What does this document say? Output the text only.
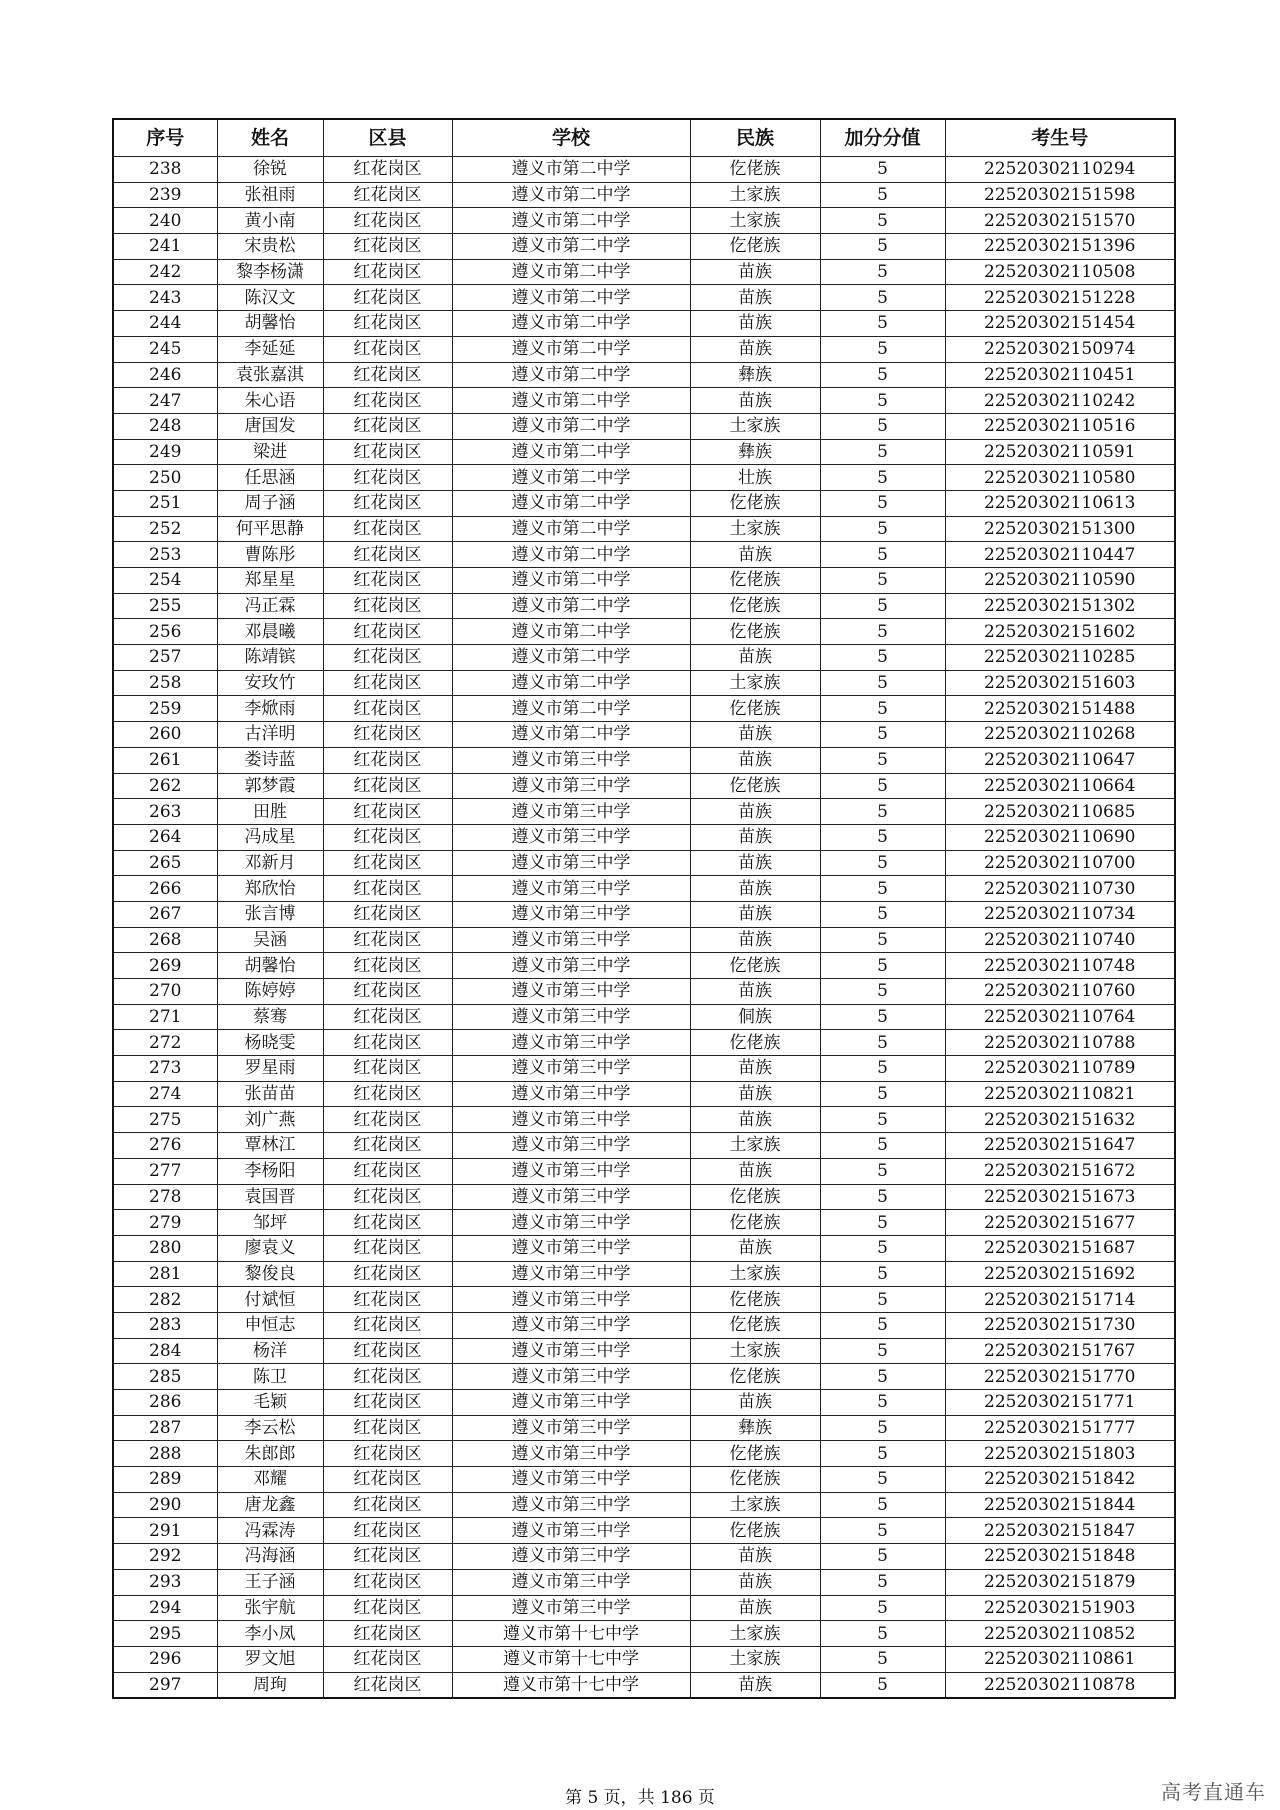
序号	姓名	区县	学校	民族	加分分值	考生号
238	徐锐	红花岗区	遵义市第二中学	仡佬族	5	22520302110294
239	张祖雨	红花岗区	遵义市第二中学	土家族	5	22520302151598
240	黄小南	红花岗区	遵义市第二中学	土家族	5	22520302151570
241	宋贵松	红花岗区	遵义市第二中学	仡佬族	5	22520302151396
242	黎李杨潇	红花岗区	遵义市第二中学	苗族	5	22520302110508
243	陈汉文	红花岗区	遵义市第二中学	苗族	5	22520302151228
244	胡馨怡	红花岗区	遵义市第二中学	苗族	5	22520302151454
245	李延延	红花岗区	遵义市第二中学	苗族	5	22520302150974
246	袁张嘉淇	红花岗区	遵义市第二中学	彝族	5	22520302110451
247	朱心语	红花岗区	遵义市第二中学	苗族	5	22520302110242
248	唐国发	红花岗区	遵义市第二中学	土家族	5	22520302110516
249	梁进	红花岗区	遵义市第二中学	彝族	5	22520302110591
250	任思涵	红花岗区	遵义市第二中学	壮族	5	22520302110580
251	周子涵	红花岗区	遵义市第二中学	仡佬族	5	22520302110613
252	何平思静	红花岗区	遵义市第二中学	土家族	5	22520302151300
253	曹陈彤	红花岗区	遵义市第二中学	苗族	5	22520302110447
254	郑星星	红花岗区	遵义市第二中学	仡佬族	5	22520302110590
255	冯正霖	红花岗区	遵义市第二中学	仡佬族	5	22520302151302
256	邓晨曦	红花岗区	遵义市第二中学	仡佬族	5	22520302151602
257	陈靖镔	红花岗区	遵义市第二中学	苗族	5	22520302110285
258	安玫竹	红花岗区	遵义市第二中学	土家族	5	22520302151603
259	李焮雨	红花岗区	遵义市第二中学	仡佬族	5	22520302151488
260	古洋明	红花岗区	遵义市第二中学	苗族	5	22520302110268
261	娄诗蓝	红花岗区	遵义市第三中学	苗族	5	22520302110647
262	郭梦霞	红花岗区	遵义市第三中学	仡佬族	5	22520302110664
263	田胜	红花岗区	遵义市第三中学	苗族	5	22520302110685
264	冯成星	红花岗区	遵义市第三中学	苗族	5	22520302110690
265	邓新月	红花岗区	遵义市第三中学	苗族	5	22520302110700
266	郑欣怡	红花岗区	遵义市第三中学	苗族	5	22520302110730
267	张言博	红花岗区	遵义市第三中学	苗族	5	22520302110734
268	吴涵	红花岗区	遵义市第三中学	苗族	5	22520302110740
269	胡馨怡	红花岗区	遵义市第三中学	仡佬族	5	22520302110748
270	陈婷婷	红花岗区	遵义市第三中学	苗族	5	22520302110760
271	蔡骞	红花岗区	遵义市第三中学	侗族	5	22520302110764
272	杨晓雯	红花岗区	遵义市第三中学	仡佬族	5	22520302110788
273	罗星雨	红花岗区	遵义市第三中学	苗族	5	22520302110789
274	张苗苗	红花岗区	遵义市第三中学	苗族	5	22520302110821
275	刘广燕	红花岗区	遵义市第三中学	苗族	5	22520302151632
276	覃林江	红花岗区	遵义市第三中学	土家族	5	22520302151647
277	李杨阳	红花岗区	遵义市第三中学	苗族	5	22520302151672
278	袁国晋	红花岗区	遵义市第三中学	仡佬族	5	22520302151673
279	邹坪	红花岗区	遵义市第三中学	仡佬族	5	22520302151677
280	廖袁义	红花岗区	遵义市第三中学	苗族	5	22520302151687
281	黎俊良	红花岗区	遵义市第三中学	土家族	5	22520302151692
282	付斌恒	红花岗区	遵义市第三中学	仡佬族	5	22520302151714
283	申恒志	红花岗区	遵义市第三中学	仡佬族	5	22520302151730
284	杨洋	红花岗区	遵义市第三中学	土家族	5	22520302151767
285	陈卫	红花岗区	遵义市第三中学	仡佬族	5	22520302151770
286	毛颖	红花岗区	遵义市第三中学	苗族	5	22520302151771
287	李云松	红花岗区	遵义市第三中学	彝族	5	22520302151777
288	朱郎郎	红花岗区	遵义市第三中学	仡佬族	5	22520302151803
289	邓耀	红花岗区	遵义市第三中学	仡佬族	5	22520302151842
290	唐龙鑫	红花岗区	遵义市第三中学	土家族	5	22520302151844
291	冯霖涛	红花岗区	遵义市第三中学	仡佬族	5	22520302151847
292	冯海涵	红花岗区	遵义市第三中学	苗族	5	22520302151848
293	王子涵	红花岗区	遵义市第三中学	苗族	5	22520302151879
294	张宇航	红花岗区	遵义市第三中学	苗族	5	22520302151903
295	李小凤	红花岗区	遵义市第十七中学	土家族	5	22520302110852
296	罗文旭	红花岗区	遵义市第十七中学	土家族	5	22520302110861
297	周珣	红花岗区	遵义市第十七中学	苗族	5	22520302110878
第 5 页，共 186 页	高考直通车
